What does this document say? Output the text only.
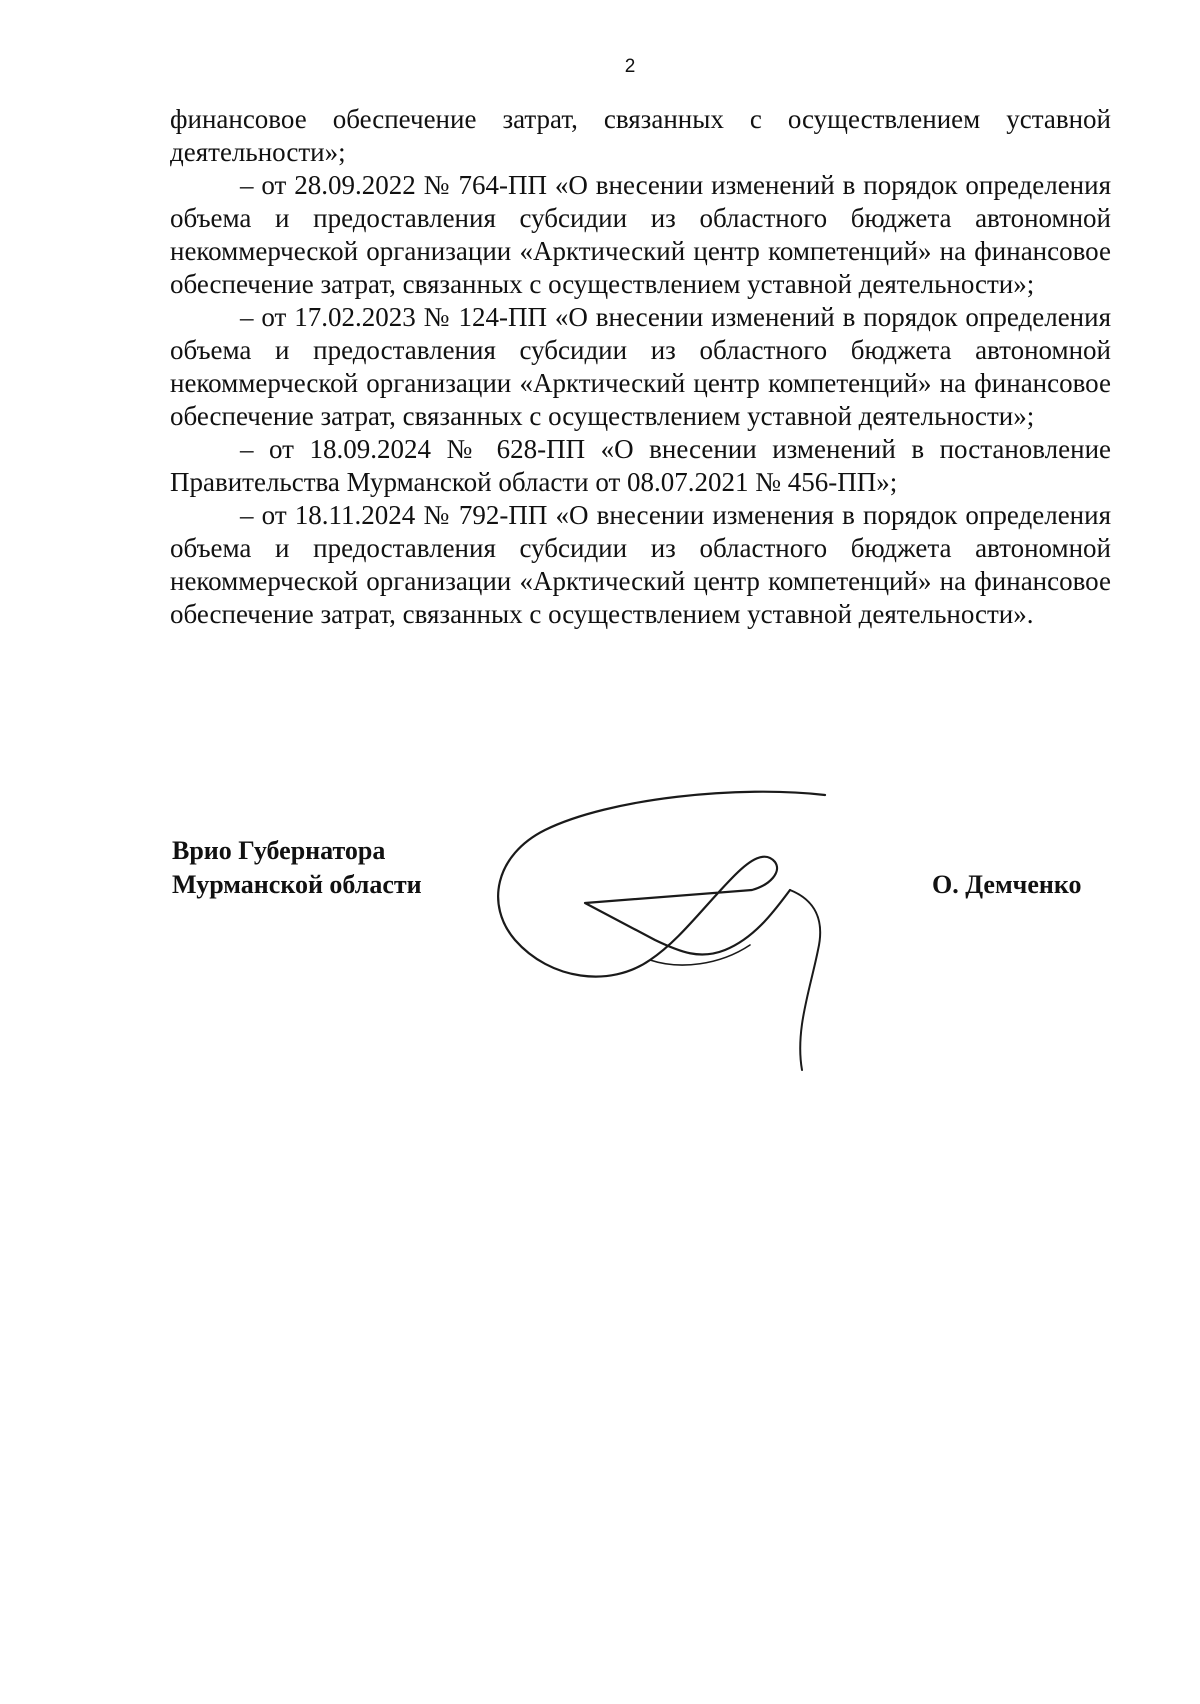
2

финансовое обеспечение затрат, связанных с осуществлением уставной деятельности»;

– от 28.09.2022 № 764-ПП «О внесении изменений в порядок определения объема и предоставления субсидии из областного бюджета автономной некоммерческой организации «Арктический центр компетенций» на финансовое обеспечение затрат, связанных с осуществлением уставной деятельности»;

– от 17.02.2023 № 124-ПП «О внесении изменений в порядок определения объема и предоставления субсидии из областного бюджета автономной некоммерческой организации «Арктический центр компетенций» на финансовое обеспечение затрат, связанных с осуществлением уставной деятельности»;

– от 18.09.2024 № 628-ПП «О внесении изменений в постановление Правительства Мурманской области от 08.07.2021 № 456-ПП»;

– от 18.11.2024 № 792-ПП «О внесении изменения в порядок определения объема и предоставления субсидии из областного бюджета автономной некоммерческой организации «Арктический центр компетенций» на финансовое обеспечение затрат, связанных с осуществлением уставной деятельности».

Врио Губернатора
Мурманской области	О. Демченко
